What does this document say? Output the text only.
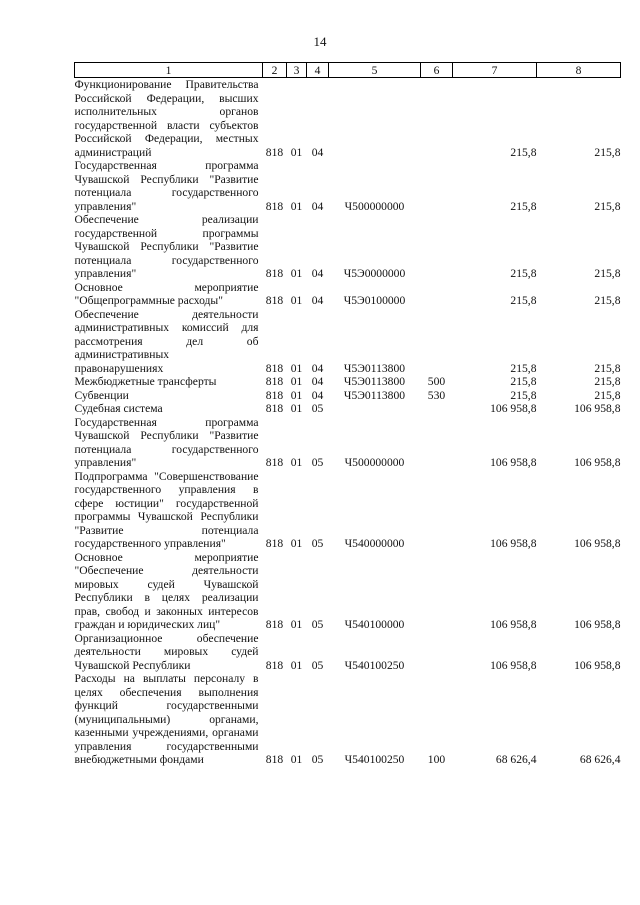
14
1	2	3	4	5	6	7	8
Функционирование Правительства Российской Федерации, высших исполнительных органов государственной власти субъектов Российской Федерации, местных администраций	818	01	04			215,8	215,8
Государственная программа Чувашской Республики "Развитие потенциала государственного управления"	818	01	04	Ч500000000		215,8	215,8
Обеспечение реализации государственной программы Чувашской Республики "Развитие потенциала государственного управления"	818	01	04	Ч5Э0000000		215,8	215,8
Основное мероприятие "Общепрограммные расходы"	818	01	04	Ч5Э0100000		215,8	215,8
Обеспечение деятельности административных комиссий для рассмотрения дел об административных правонарушениях	818	01	04	Ч5Э0113800		215,8	215,8
Межбюджетные трансферты	818	01	04	Ч5Э0113800	500	215,8	215,8
Субвенции	818	01	04	Ч5Э0113800	530	215,8	215,8
Судебная система	818	01	05			106 958,8	106 958,8
Государственная программа Чувашской Республики "Развитие потенциала государственного управления"	818	01	05	Ч500000000		106 958,8	106 958,8
Подпрограмма "Совершенствование государственного управления в сфере юстиции" государственной программы Чувашской Республики "Развитие потенциала государственного управления"	818	01	05	Ч540000000		106 958,8	106 958,8
Основное мероприятие "Обеспечение деятельности мировых судей Чувашской Республики в целях реализации прав, свобод и законных интересов граждан и юридических лиц"	818	01	05	Ч540100000		106 958,8	106 958,8
Организационное обеспечение деятельности мировых судей Чувашской Республики	818	01	05	Ч540100250		106 958,8	106 958,8
Расходы на выплаты персоналу в целях обеспечения выполнения функций государственными (муниципальными) органами, казенными учреждениями, органами управления государственными внебюджетными фондами	818	01	05	Ч540100250	100	68 626,4	68 626,4
